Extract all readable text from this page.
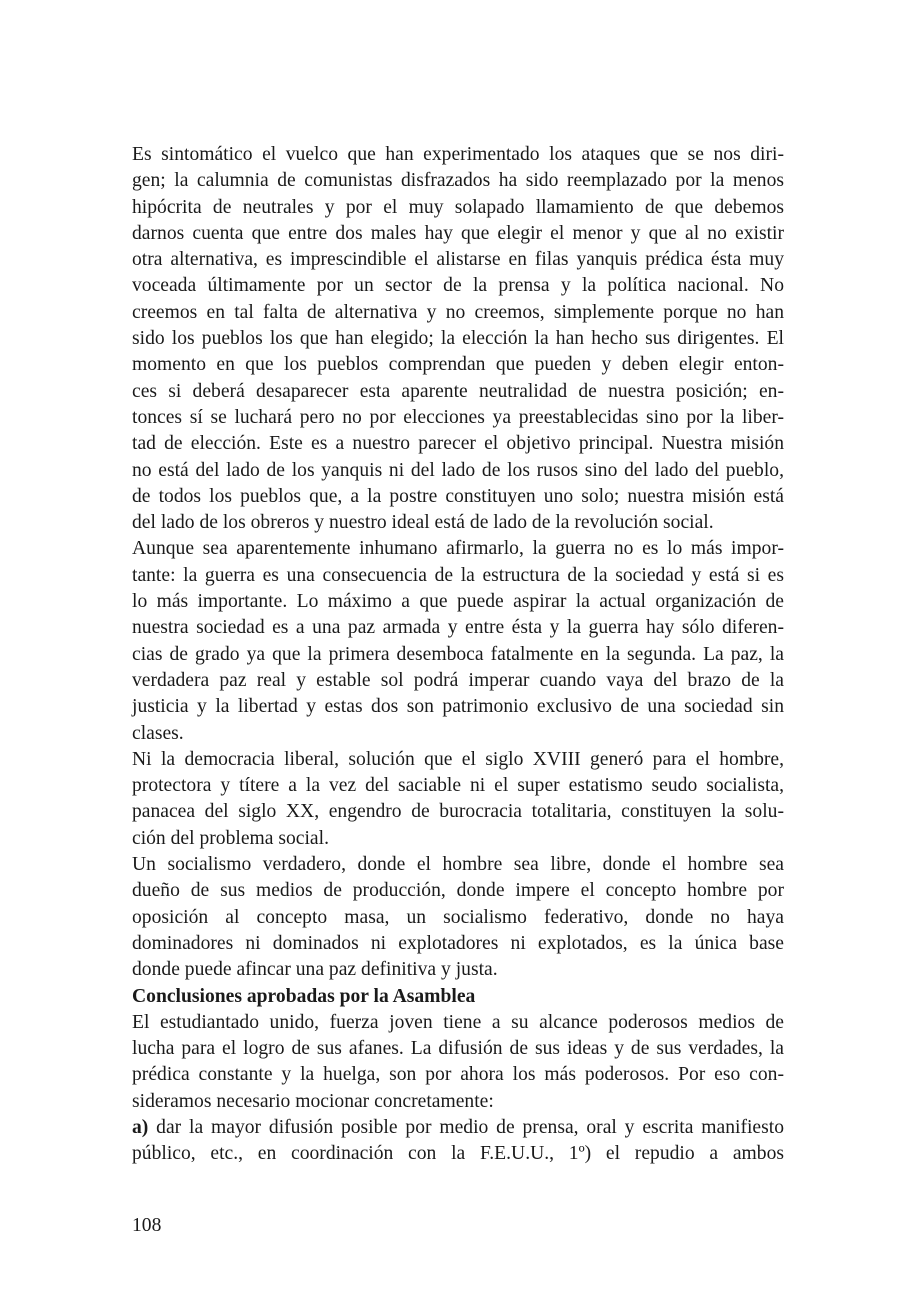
Es sintomático el vuelco que han experimentado los ataques que se nos diri-
gen; la calumnia de comunistas disfrazados ha sido reemplazado por la menos
hipócrita de neutrales y por el muy solapado llamamiento de que debemos
darnos cuenta que entre dos males hay que elegir el menor y que al no existir
otra alternativa, es imprescindible el alistarse en filas yanquis prédica ésta muy
voceada últimamente por un sector de la prensa y la política nacional. No
creemos en tal falta de alternativa y no creemos, simplemente porque no han
sido los pueblos los que han elegido; la elección la han hecho sus dirigentes. El
momento en que los pueblos comprendan que pueden y deben elegir enton-
ces si deberá desaparecer esta aparente neutralidad de nuestra posición; en-
tonces sí se luchará pero no por elecciones ya preestablecidas sino por la liber-
tad de elección. Este es a nuestro parecer el objetivo principal. Nuestra misión
no está del lado de los yanquis ni del lado de los rusos sino del lado del pueblo,
de todos los pueblos que, a la postre constituyen uno solo; nuestra misión está
del lado de los obreros y nuestro ideal está de lado de la revolución social.
Aunque sea aparentemente inhumano afirmarlo, la guerra no es lo más impor-
tante: la guerra es una consecuencia de la estructura de la sociedad y está si es
lo más importante. Lo máximo a que puede aspirar la actual organización de
nuestra sociedad es a una paz armada y entre ésta y la guerra hay sólo diferen-
cias de grado ya que la primera desemboca fatalmente en la segunda. La paz, la
verdadera paz real y estable sol podrá imperar cuando vaya del brazo de la
justicia y la libertad y estas dos son patrimonio exclusivo de una sociedad sin
clases.
Ni la democracia liberal, solución que el siglo XVIII generó para el hombre,
protectora y títere a la vez del saciable ni el super estatismo seudo socialista,
panacea del siglo XX, engendro de burocracia totalitaria, constituyen la solu-
ción del problema social.
Un socialismo verdadero, donde el hombre sea libre, donde el hombre sea
dueño de sus medios de producción, donde impere el concepto hombre por
oposición al concepto masa, un socialismo federativo, donde no haya
dominadores ni dominados ni explotadores ni explotados, es la única base
donde puede afincar una paz definitiva y justa.
Conclusiones aprobadas por la Asamblea
El estudiantado unido, fuerza joven tiene a su alcance poderosos medios de
lucha para el logro de sus afanes. La difusión de sus ideas y de sus verdades, la
prédica constante y la huelga, son por ahora los más poderosos. Por eso con-
sideramos necesario mocionar concretamente:
a) dar la mayor difusión posible por medio de prensa, oral y escrita manifiesto
público, etc., en coordinación con la F.E.U.U., 1º) el repudio a ambos
108
